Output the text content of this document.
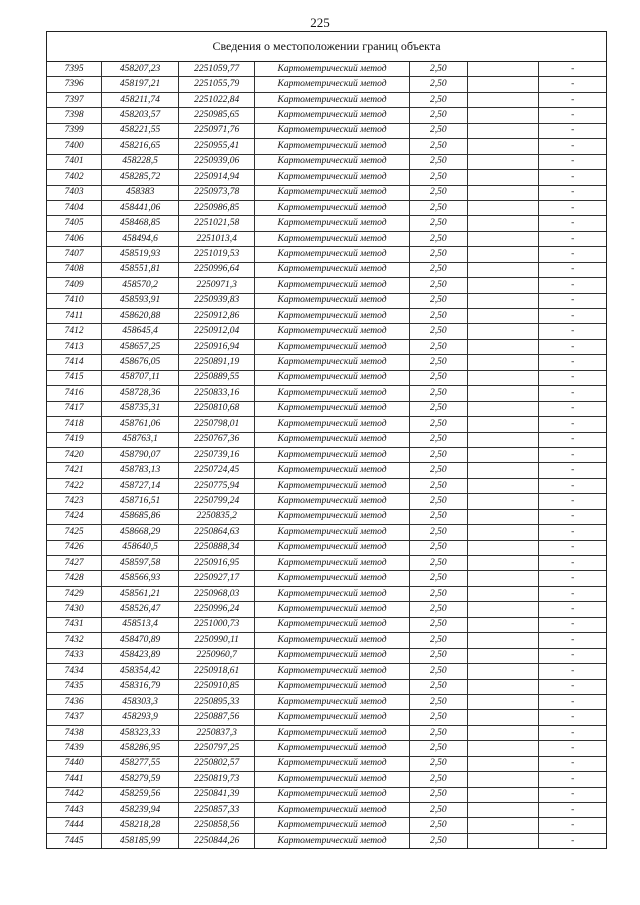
225
Сведения о местоположении границ объекта
7395	458207,23	2251059,77	Картометрический метод	2,50		-
7396	458197,21	2251055,79	Картометрический метод	2,50		-
7397	458211,74	2251022,84	Картометрический метод	2,50		-
7398	458203,57	2250985,65	Картометрический метод	2,50		-
7399	458221,55	2250971,76	Картометрический метод	2,50		-
7400	458216,65	2250955,41	Картометрический метод	2,50		-
7401	458228,5	2250939,06	Картометрический метод	2,50		-
7402	458285,72	2250914,94	Картометрический метод	2,50		-
7403	458383	2250973,78	Картометрический метод	2,50		-
7404	458441,06	2250986,85	Картометрический метод	2,50		-
7405	458468,85	2251021,58	Картометрический метод	2,50		-
7406	458494,6	2251013,4	Картометрический метод	2,50		-
7407	458519,93	2251019,53	Картометрический метод	2,50		-
7408	458551,81	2250996,64	Картометрический метод	2,50		-
7409	458570,2	2250971,3	Картометрический метод	2,50		-
7410	458593,91	2250939,83	Картометрический метод	2,50		-
7411	458620,88	2250912,86	Картометрический метод	2,50		-
7412	458645,4	2250912,04	Картометрический метод	2,50		-
7413	458657,25	2250916,94	Картометрический метод	2,50		-
7414	458676,05	2250891,19	Картометрический метод	2,50		-
7415	458707,11	2250889,55	Картометрический метод	2,50		-
7416	458728,36	2250833,16	Картометрический метод	2,50		-
7417	458735,31	2250810,68	Картометрический метод	2,50		-
7418	458761,06	2250798,01	Картометрический метод	2,50		-
7419	458763,1	2250767,36	Картометрический метод	2,50		-
7420	458790,07	2250739,16	Картометрический метод	2,50		-
7421	458783,13	2250724,45	Картометрический метод	2,50		-
7422	458727,14	2250775,94	Картометрический метод	2,50		-
7423	458716,51	2250799,24	Картометрический метод	2,50		-
7424	458685,86	2250835,2	Картометрический метод	2,50		-
7425	458668,29	2250864,63	Картометрический метод	2,50		-
7426	458640,5	2250888,34	Картометрический метод	2,50		-
7427	458597,58	2250916,95	Картометрический метод	2,50		-
7428	458566,93	2250927,17	Картометрический метод	2,50		-
7429	458561,21	2250968,03	Картометрический метод	2,50		-
7430	458526,47	2250996,24	Картометрический метод	2,50		-
7431	458513,4	2251000,73	Картометрический метод	2,50		-
7432	458470,89	2250990,11	Картометрический метод	2,50		-
7433	458423,89	2250960,7	Картометрический метод	2,50		-
7434	458354,42	2250918,61	Картометрический метод	2,50		-
7435	458316,79	2250910,85	Картометрический метод	2,50		-
7436	458303,3	2250895,33	Картометрический метод	2,50		-
7437	458293,9	2250887,56	Картометрический метод	2,50		-
7438	458323,33	2250837,3	Картометрический метод	2,50		-
7439	458286,95	2250797,25	Картометрический метод	2,50		-
7440	458277,55	2250802,57	Картометрический метод	2,50		-
7441	458279,59	2250819,73	Картометрический метод	2,50		-
7442	458259,56	2250841,39	Картометрический метод	2,50		-
7443	458239,94	2250857,33	Картометрический метод	2,50		-
7444	458218,28	2250858,56	Картометрический метод	2,50		-
7445	458185,99	2250844,26	Картометрический метод	2,50		-
